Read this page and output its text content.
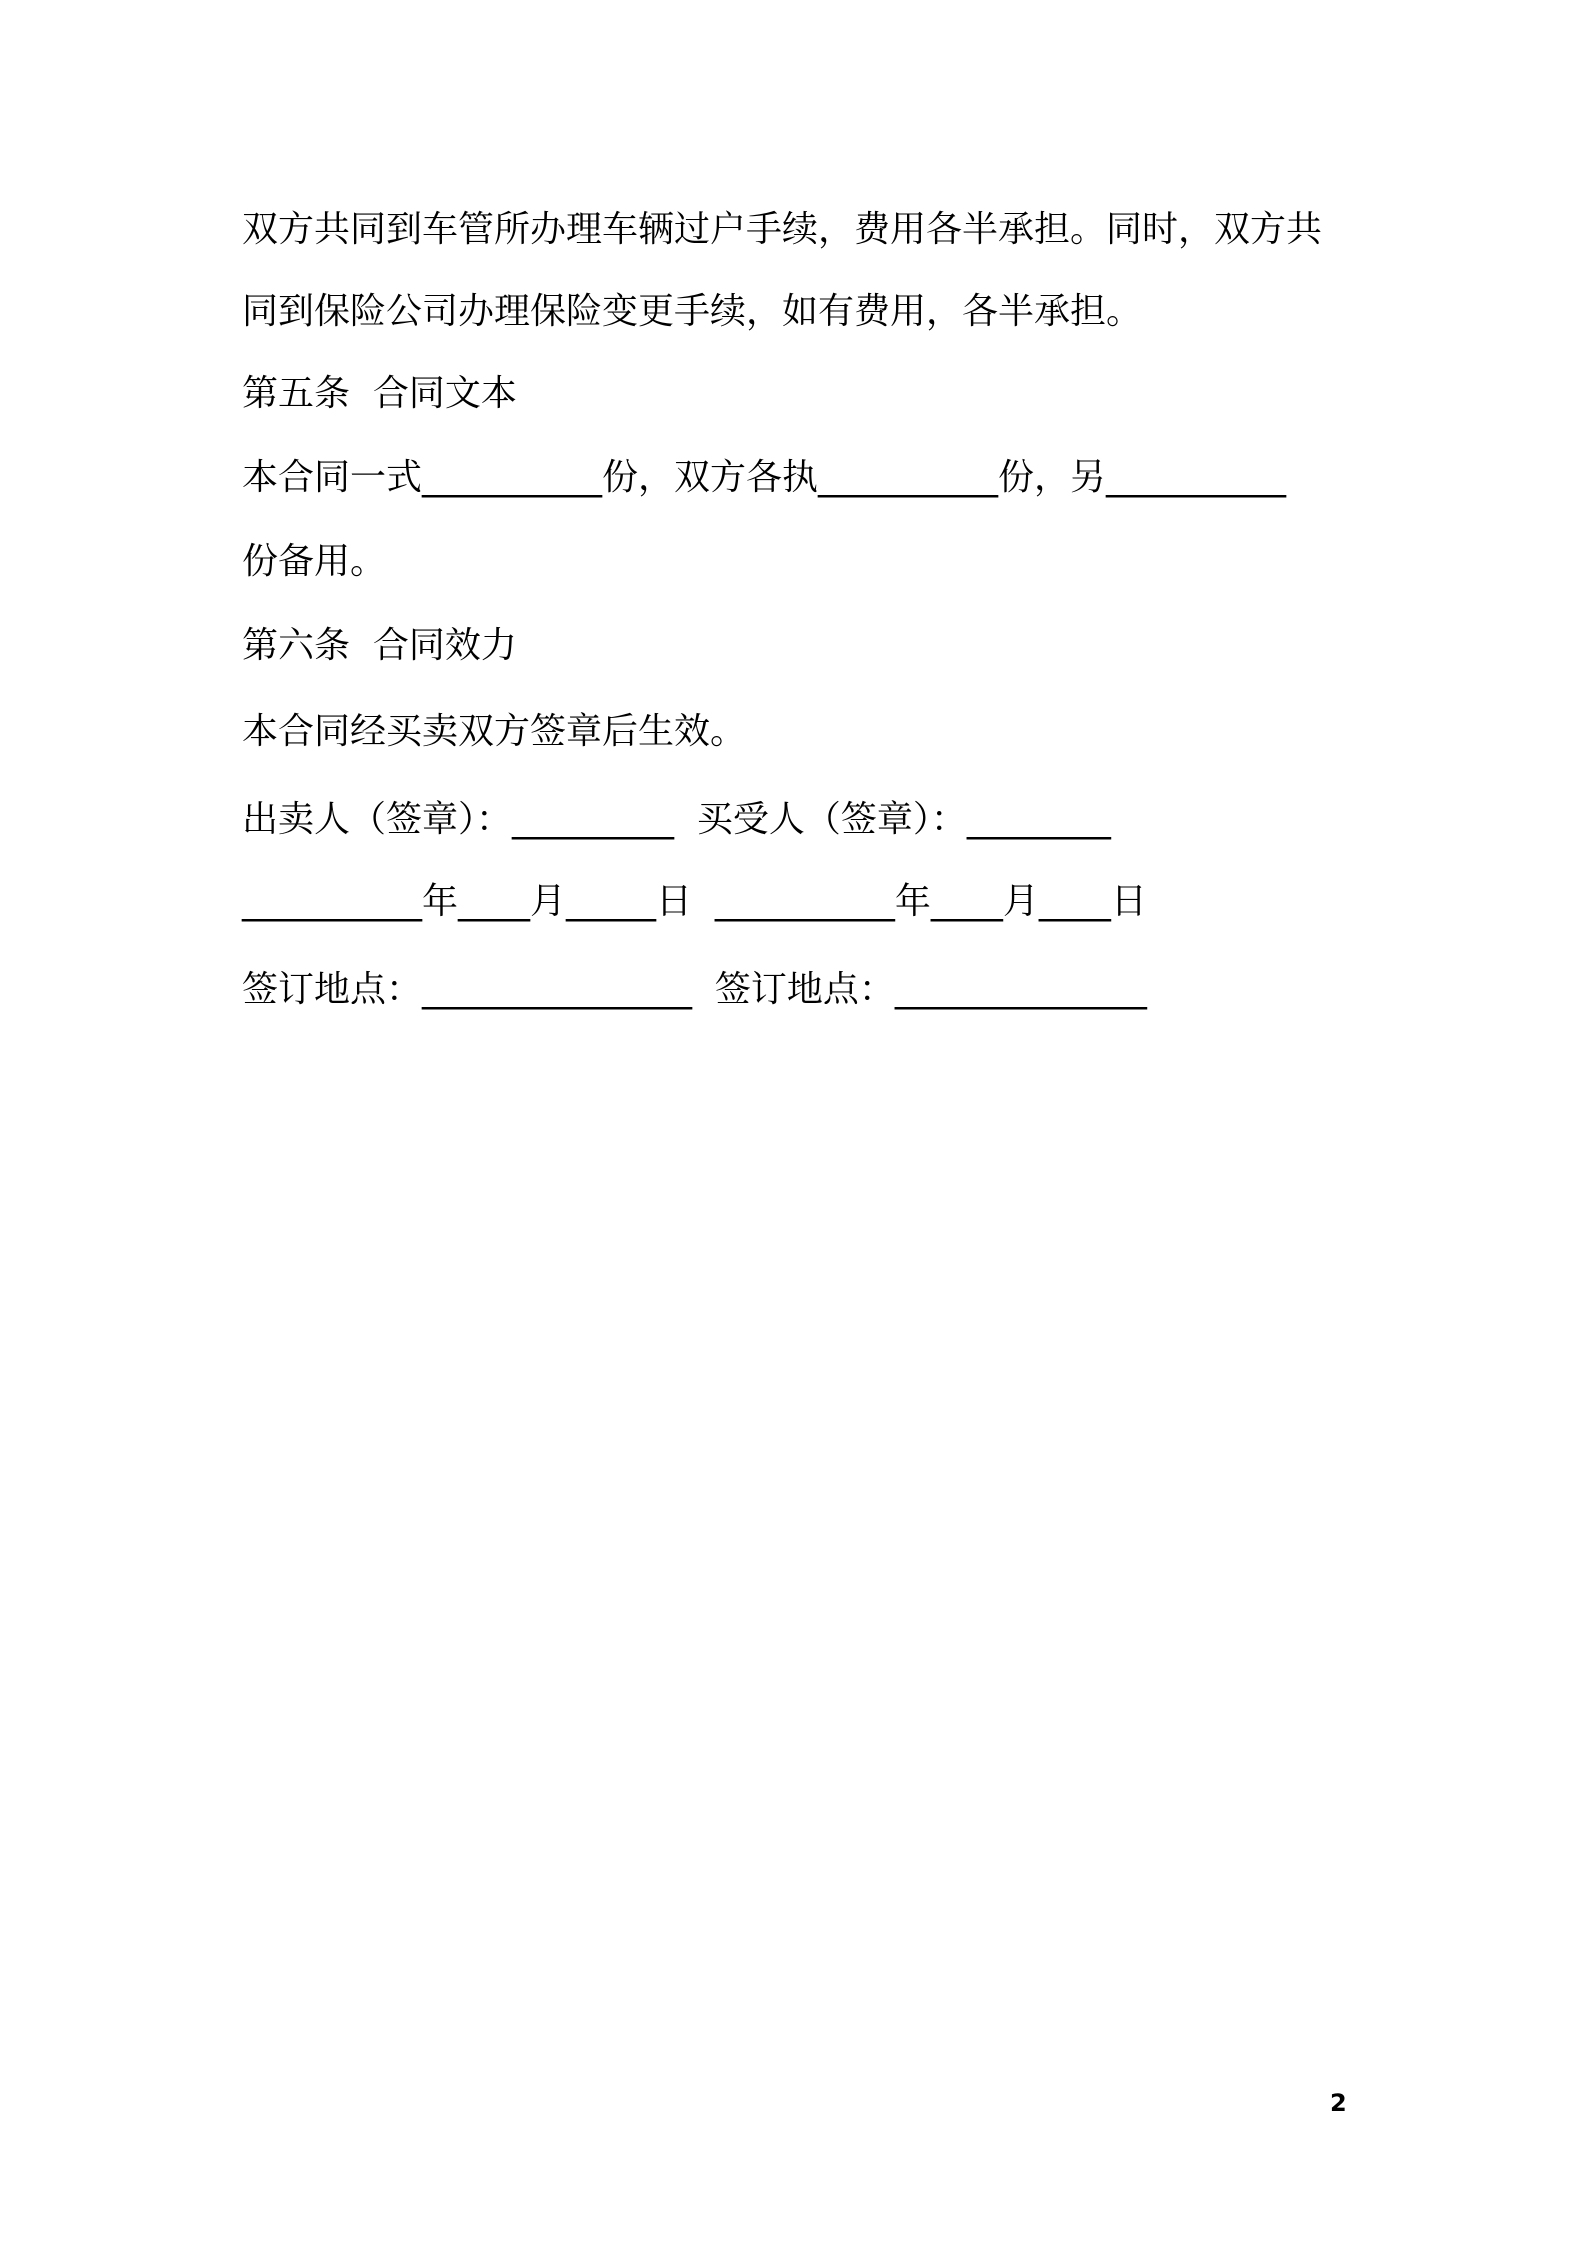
双方共同到车管所办理车辆过户手续，费用各半承担。同时，双方共
同到保险公司办理保险变更手续，如有费用，各半承担。
第五条  合同文本
本合同一式__________份，双方各执__________份，另__________
份备用。
第六条  合同效力
本合同经买卖双方签章后生效。
出卖人（签章）：_________  买受人（签章）：________
__________年____月_____日  __________年____月____日
签订地点：_______________  签订地点：______________
2
